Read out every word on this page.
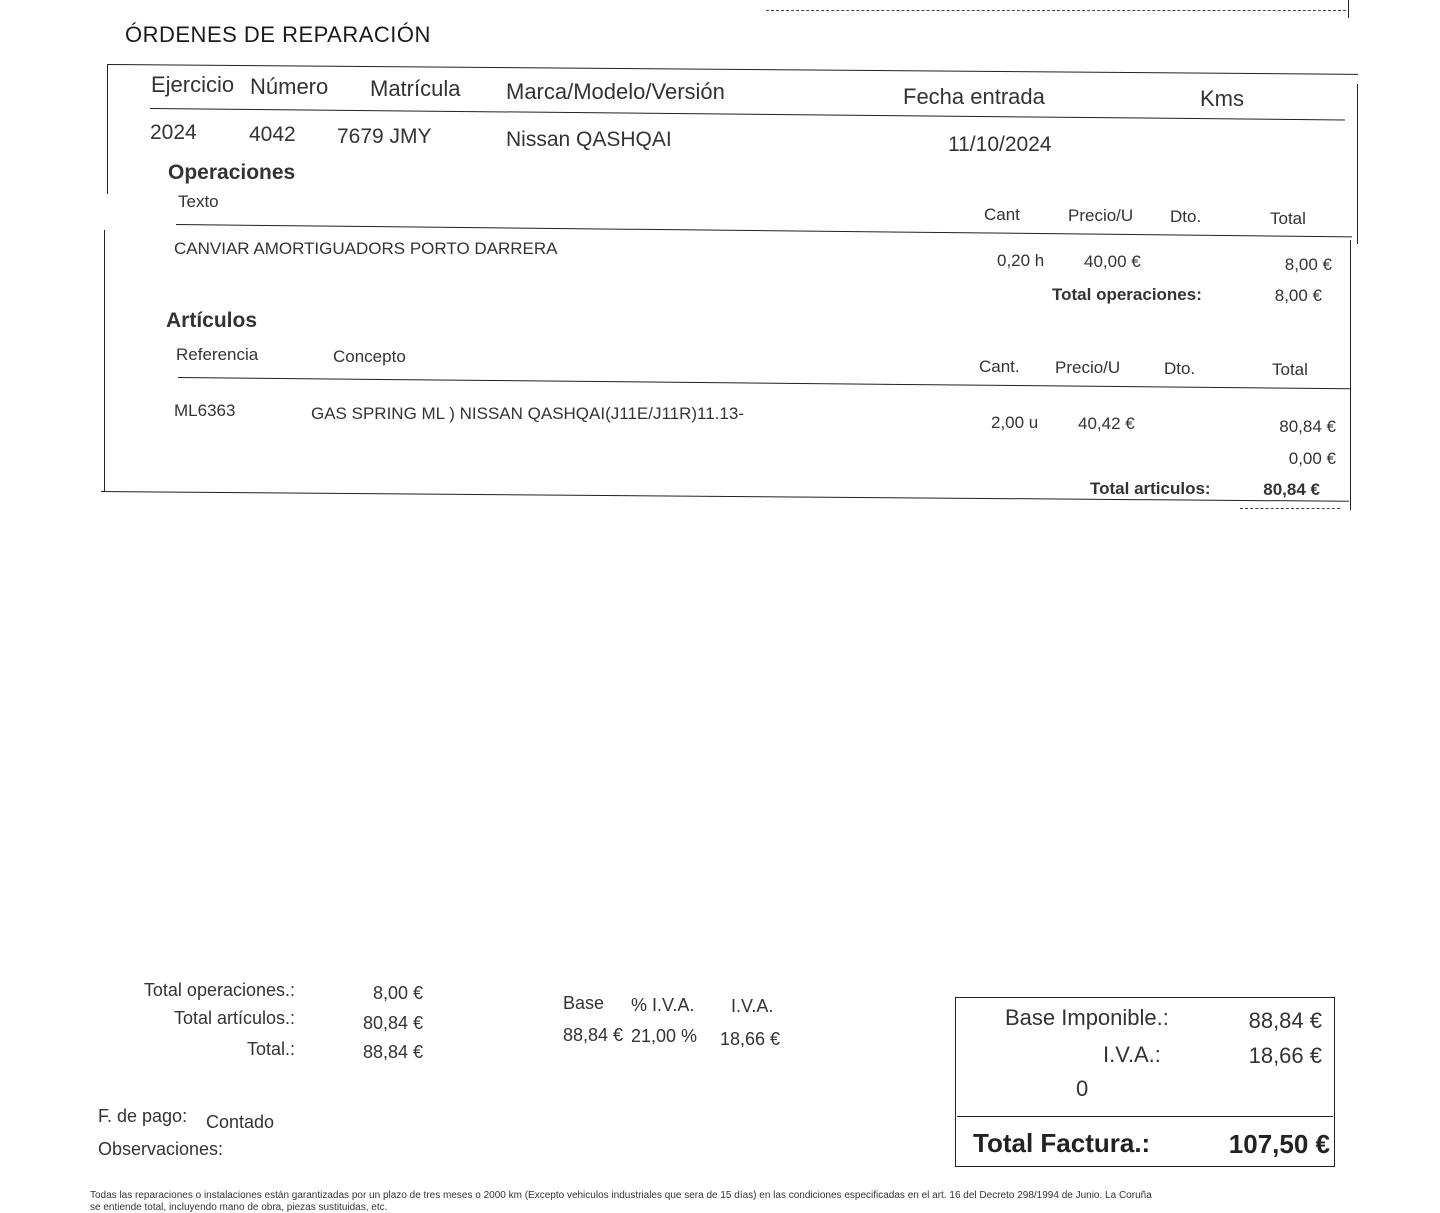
ÓRDENES DE REPARACIÓN
Ejercicio Número Matrícula Marca/Modelo/Versión	Fecha entrada	Kms
2024 4042 7679 JMY	Nissan QASHQAI	11/10/2024
Operaciones
Texto
Cant	Precio/U Dto.	Total
CANVIAR AMORTIGUADORS PORTO DARRERA
0,20 h 40,00 €	8,00 €
Total operaciones:	8,00 €
Artículos
Referencia	Concepto
Cant. Precio/U	Dto.	Total
ML6363	GAS SPRING ML ) NISSAN QASHQAI(J11E/J11R)11.13-	2,00 u 40,42 €	80,84 €
0,00 €
Total articulos:	80,84 €
Total operaciones.:	8,00 €
Total artículos.:	80,84 €
Total.:	88,84 €
Base % I.V.A. I.V.A.
88,84 € 21,00 % 18,66 €
Base Imponible.:	88,84 €
I.V.A.:	18,66 €
0
Total Factura.:	107,50 €
F. de pago: Contado
Observaciones:
Todas las reparaciones o instalaciones están garantizadas por un plazo de tres meses o 2000 km (Excepto vehiculos industriales que sera de 15 días) en las condiciones especificadas en el art. 16 del Decreto 298/1994 de Junio. La Coruña
se entiende total, incluyendo mano de obra, piezas sustituidas, etc.
